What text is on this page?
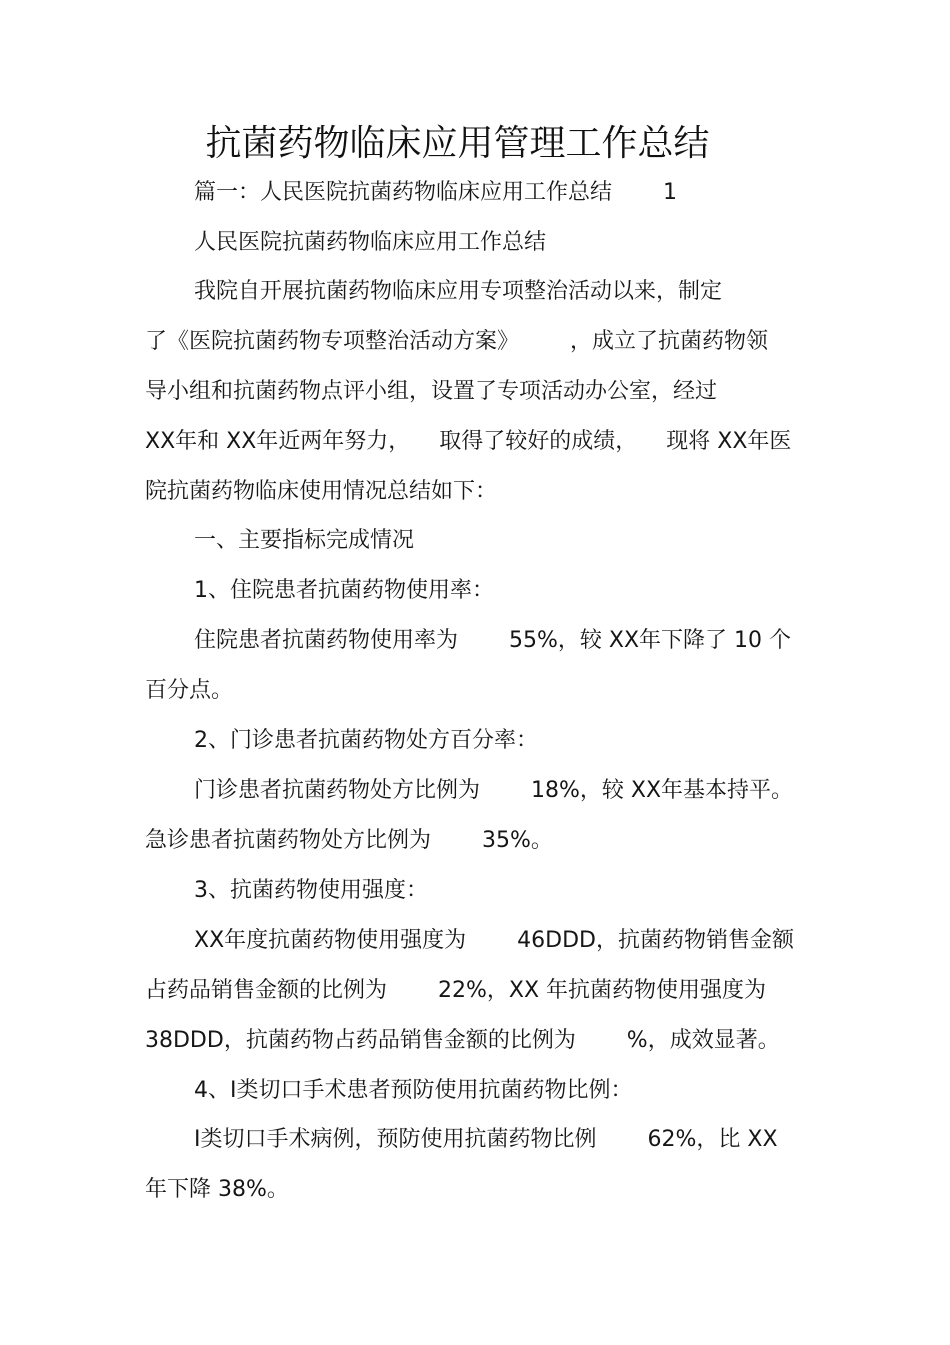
抗菌药物临床应用管理工作总结
篇一：人民医院抗菌药物临床应用工作总结 　　1
人民医院抗菌药物临床应用工作总结
我院自开展抗菌药物临床应用专项整治活动以来，制定
了《医院抗菌药物专项整治活动方案》 　　，成立了抗菌药物领
导小组和抗菌药物点评小组，设置了专项活动办公室，经过
XX年和 XX年近两年努力， 　取得了较好的成绩， 　现将 XX年医
院抗菌药物临床使用情况总结如下：
一、主要指标完成情况
1、住院患者抗菌药物使用率：
住院患者抗菌药物使用率为 　　55%，较 XX年下降了 10 个
百分点。
2、门诊患者抗菌药物处方百分率：
门诊患者抗菌药物处方比例为 　　18%，较 XX年基本持平。
急诊患者抗菌药物处方比例为 　　35%。
3、抗菌药物使用强度：
XX年度抗菌药物使用强度为 　　46DDD，抗菌药物销售金额
占药品销售金额的比例为 　　22%，XX 年抗菌药物使用强度为
38DDD，抗菌药物占药品销售金额的比例为 　　%，成效显著。
4、Ⅰ类切口手术患者预防使用抗菌药物比例：
Ⅰ类切口手术病例，预防使用抗菌药物比例 　　62%，比 XX
年下降 38%。
